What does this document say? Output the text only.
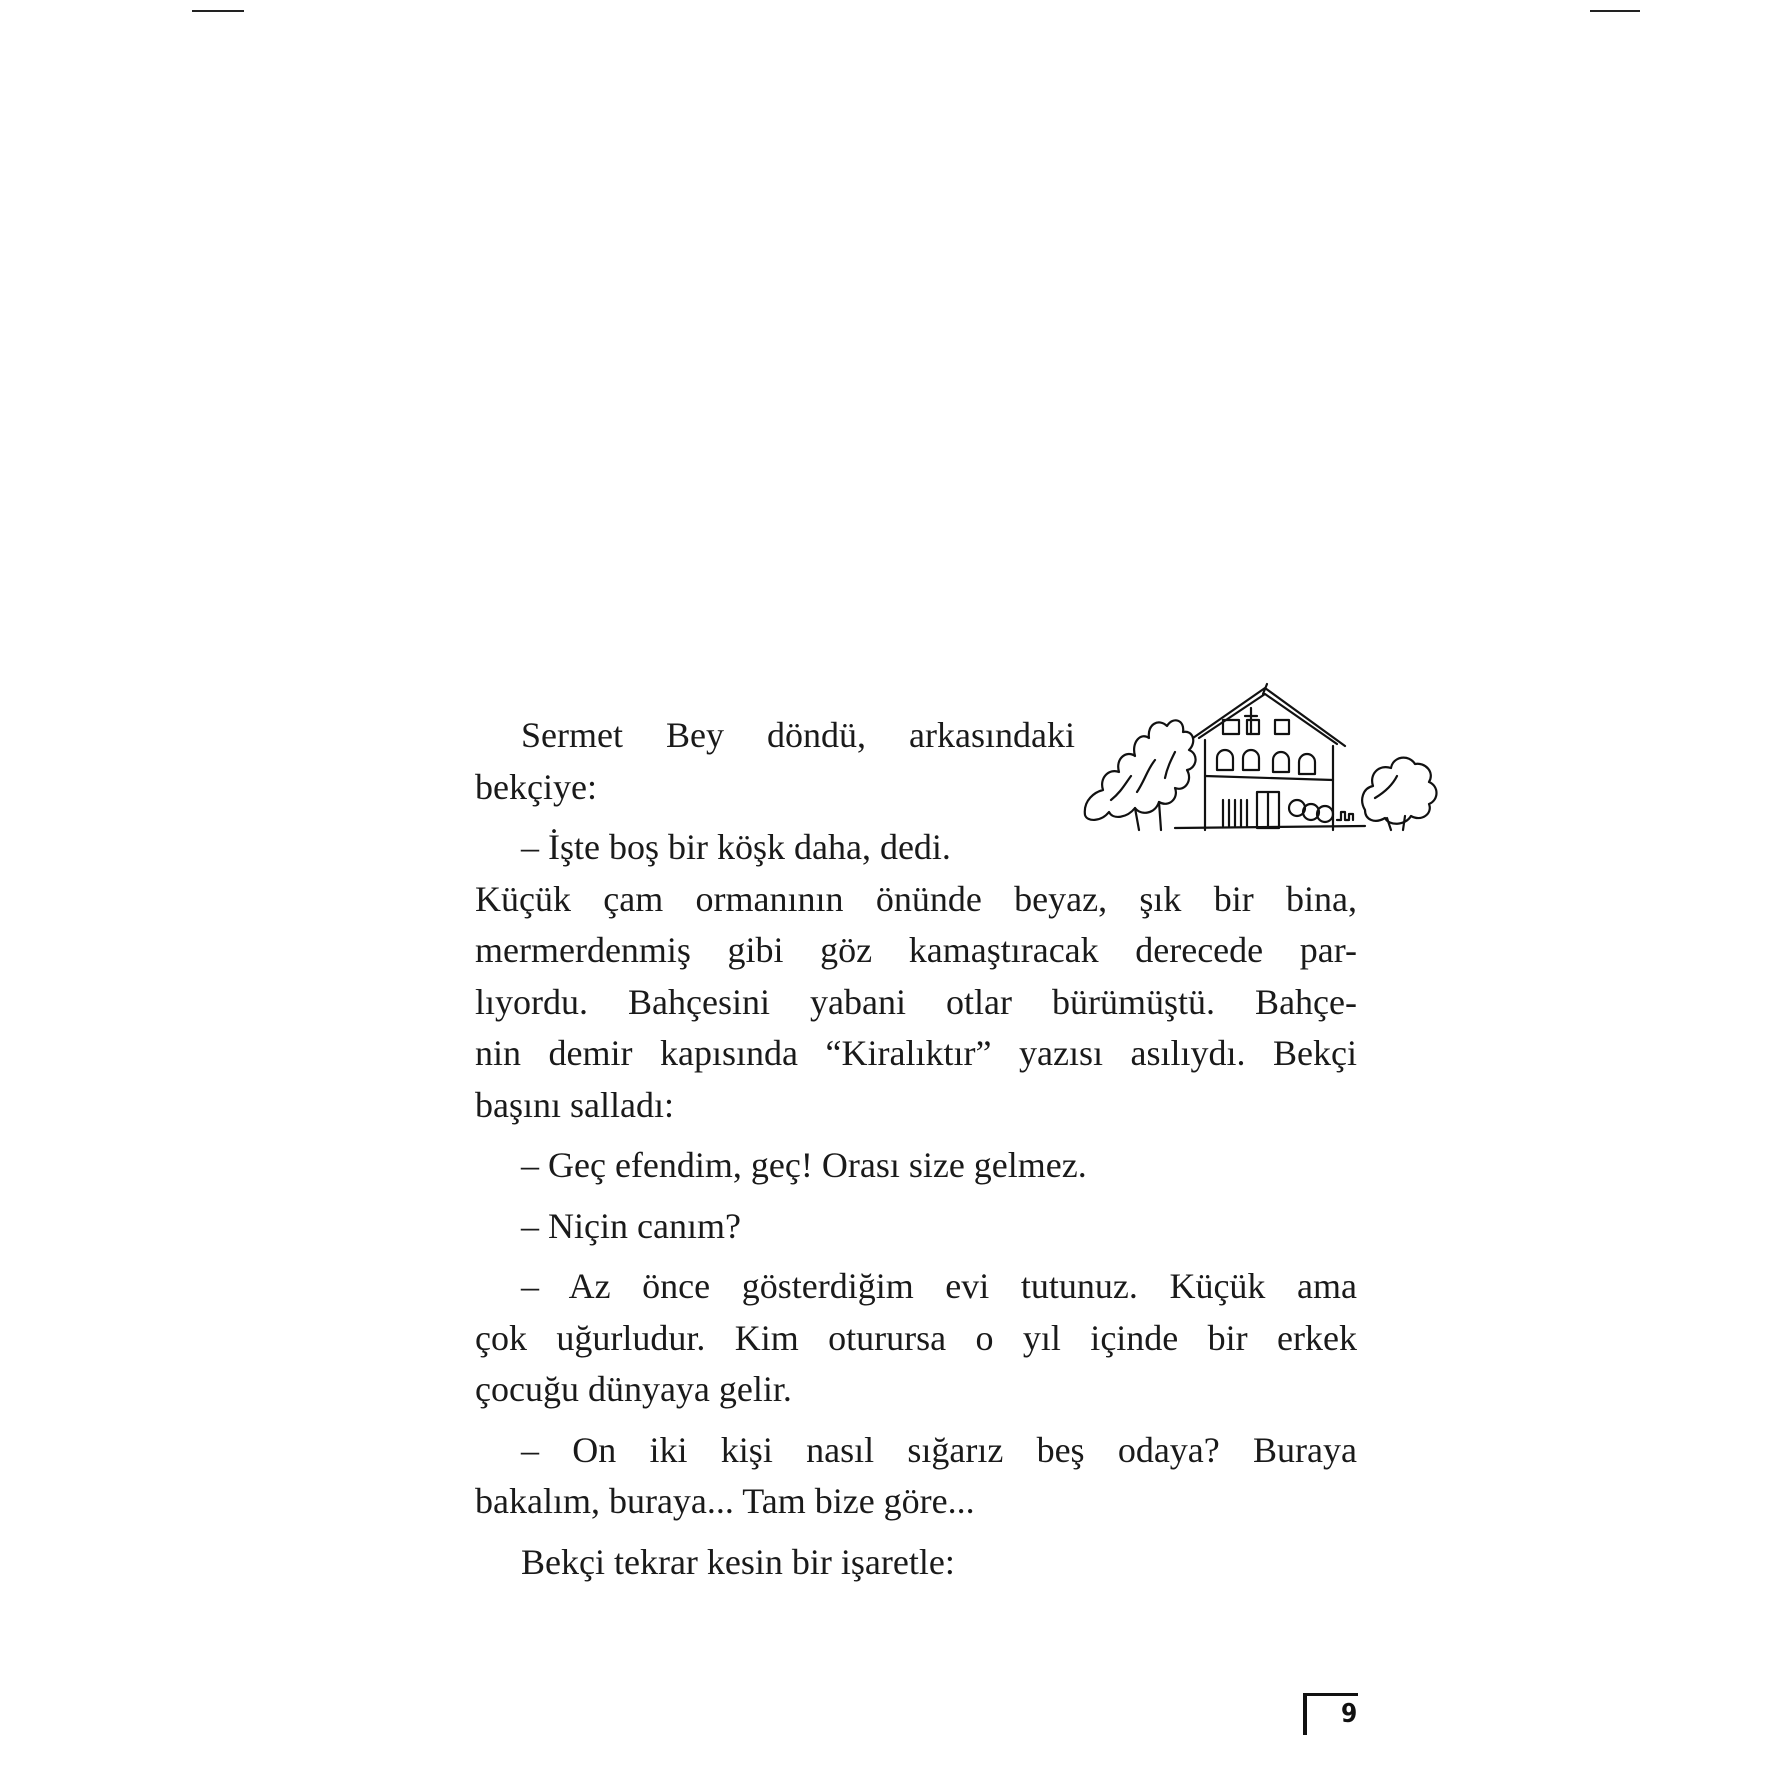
Sermet Bey döndü, arkasındaki
bekçiye:

– İşte boş bir köşk daha, dedi.
Küçük çam ormanının önünde beyaz, şık bir bina,
mermerdenmiş gibi göz kamaştıracak derecede par-
lıyordu. Bahçesini yabani otlar bürümüştü. Bahçe-
nin demir kapısında “Kiralıktır” yazısı asılıydı. Bekçi
başını salladı:

– Geç efendim, geç! Orası size gelmez.

– Niçin canım?

– Az önce gösterdiğim evi tutunuz. Küçük ama
çok uğurludur. Kim oturursa o yıl içinde bir erkek
çocuğu dünyaya gelir.

– On iki kişi nasıl sığarız beş odaya? Buraya
bakalım, buraya... Tam bize göre...

Bekçi tekrar kesin bir işaretle:

9
